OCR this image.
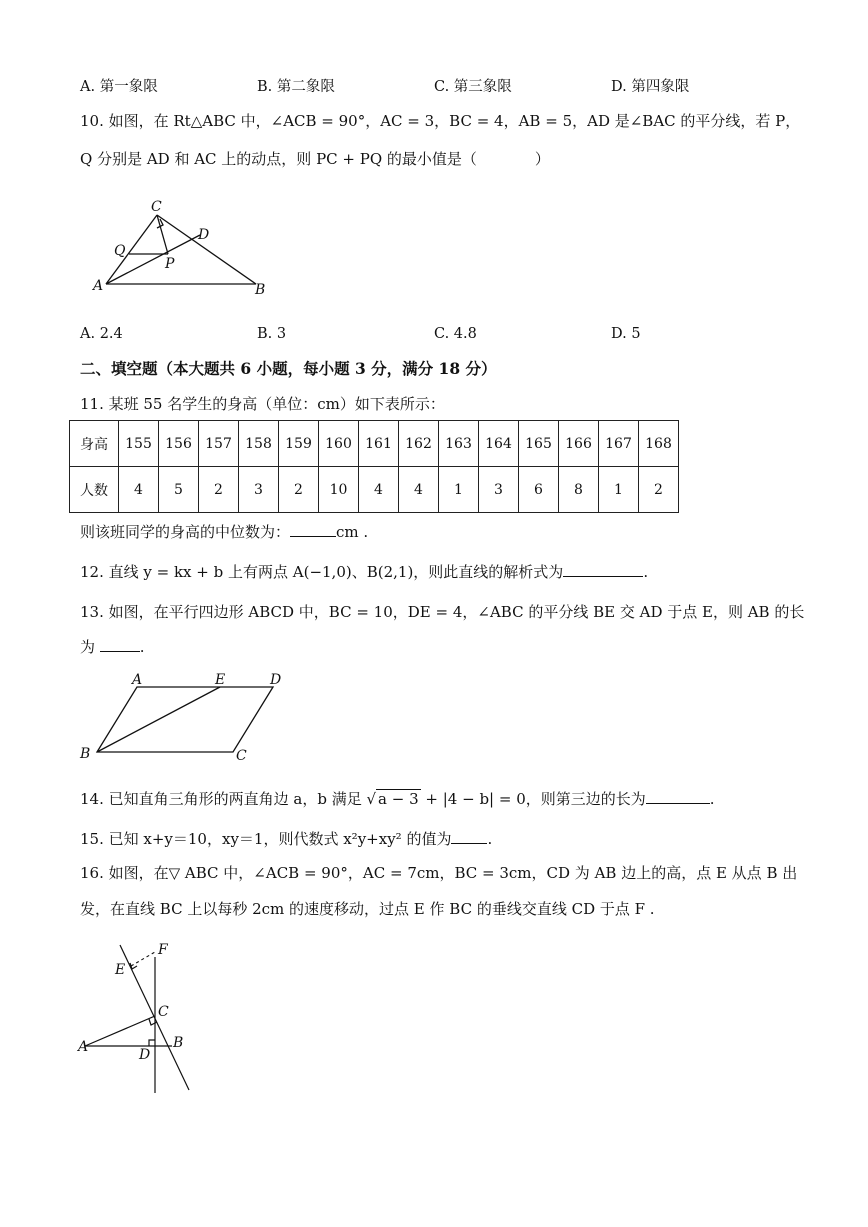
A. 第一象限	B. 第二象限	C. 第三象限	D. 第四象限
10. 如图，在 Rt△ABC 中，∠ACB = 90°，AC = 3，BC = 4，AB = 5，AD 是∠BAC 的平分线，若 P，
Q 分别是 AD 和 AC 上的动点，则 PC + PQ 的最小值是（	）
C
Q
D
P
A	B
A. 2.4	B. 3	C. 4.8	D. 5
二、填空题（本大题共 6 小题，每小题 3 分，满分 18 分）
11. 某班 55 名学生的身高（单位：cm）如下表所示：
身高	155	156	157	158	159	160	161	162	163	164	165	166	167	168
人数	4	5	2	3	2	10	4	4	1	3	6	8	1	2
则该班同学的身高的中位数为：	cm .
12. 直线 y = kx + b 上有两点 A(−1,0)、B(2,1)，则此直线的解析式为	.
13. 如图，在平行四边形 ABCD 中，BC = 10，DE = 4，∠ABC 的平分线 BE 交 AD 于点 E，则 AB 的长
为	.
A	E	D
B	C
14. 已知直角三角形的两直角边 a，b 满足 √ a − 3 + |4 − b| = 0，则第三边的长为	.
15. 已知 x+y＝10，xy＝1，则代数式 x²y+xy² 的值为 .
16. 如图，在▽ ABC 中，∠ACB = 90°，AC = 7cm，BC = 3cm，CD 为 AB 边上的高，点 E 从点 B 出
发，在直线 BC 上以每秒 2cm 的速度移动，过点 E 作 BC 的垂线交直线 CD 于点 F .
F
E
C
A	D
B
